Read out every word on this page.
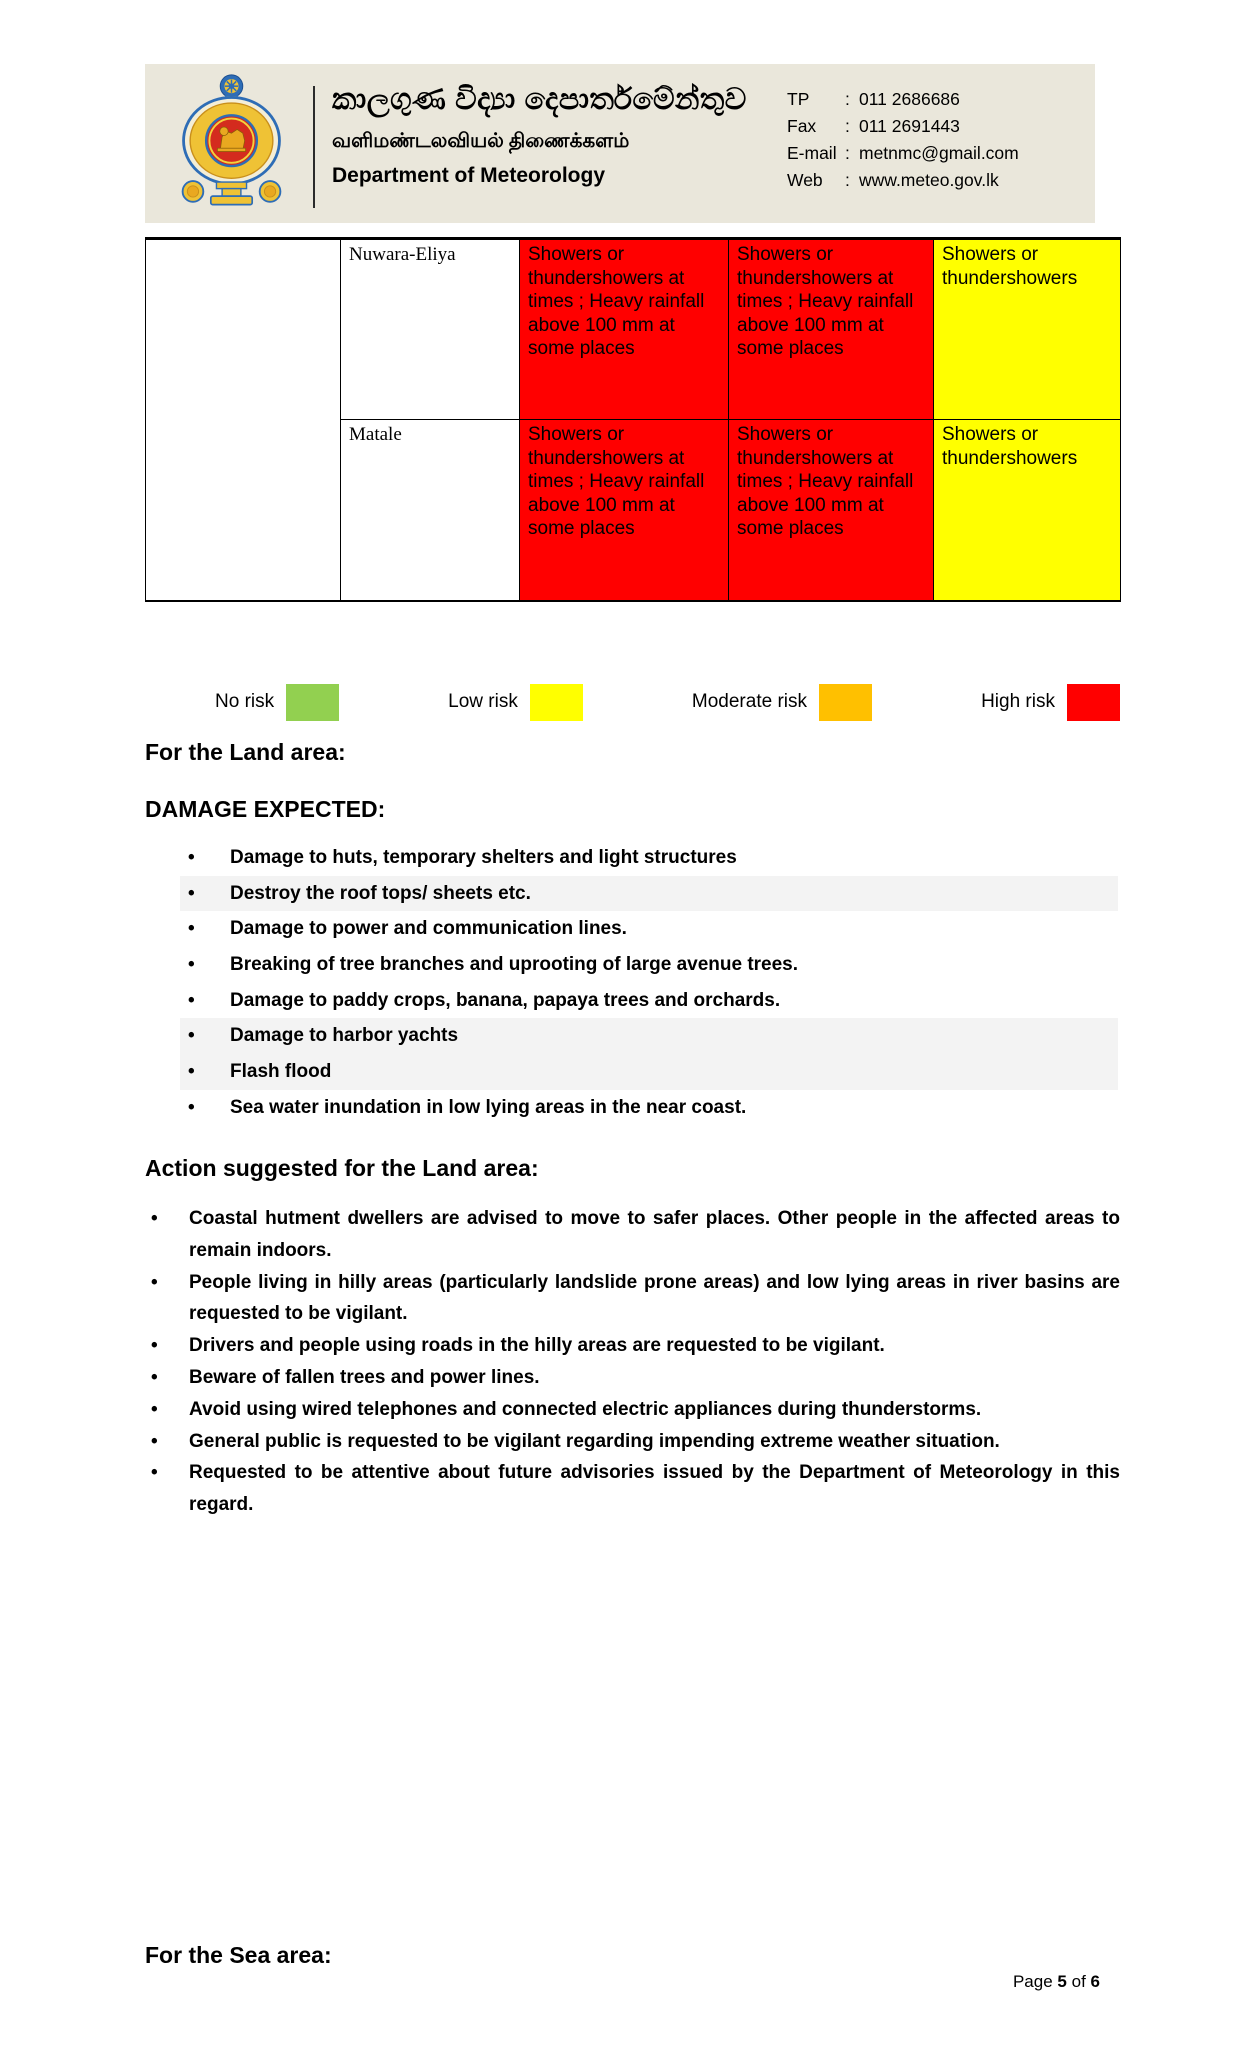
කාලගුණ විද්‍යා දෙපාර්තමේන්තුව
வளிமண்டலவியல் திணைக்களம்
Department of Meteorology
TP	: 011 2686686
Fax	: 011 2691443
E-mail : metnmc@gmail.com
Web	: www.meteo.gov.lk
	Nuwara-Eliya	Showers or thundershowers at times ; Heavy rainfall above 100 mm at some places	Showers or thundershowers at times ; Heavy rainfall above 100 mm at some places	Showers or thundershowers
	Matale	Showers or thundershowers at times ; Heavy rainfall above 100 mm at some places	Showers or thundershowers at times ; Heavy rainfall above 100 mm at some places	Showers or thundershowers
No risk	Low risk	Moderate risk	High risk
For the Land area:
DAMAGE EXPECTED:
• Damage to huts, temporary shelters and light structures
• Destroy the roof tops/ sheets etc.
• Damage to power and communication lines.
• Breaking of tree branches and uprooting of large avenue trees.
• Damage to paddy crops, banana, papaya trees and orchards.
• Damage to harbor yachts
• Flash flood
• Sea water inundation in low lying areas in the near coast.
Action suggested for the Land area:
• Coastal hutment dwellers are advised to move to safer places. Other people in the affected areas to remain indoors.
• People living in hilly areas (particularly landslide prone areas) and low lying areas in river basins are requested to be vigilant.
• Drivers and people using roads in the hilly areas are requested to be vigilant.
• Beware of fallen trees and power lines.
• Avoid using wired telephones and connected electric appliances during thunderstorms.
• General public is requested to be vigilant regarding impending extreme weather situation.
• Requested to be attentive about future advisories issued by the Department of Meteorology in this regard.
For the Sea area:
Page 5 of 6
